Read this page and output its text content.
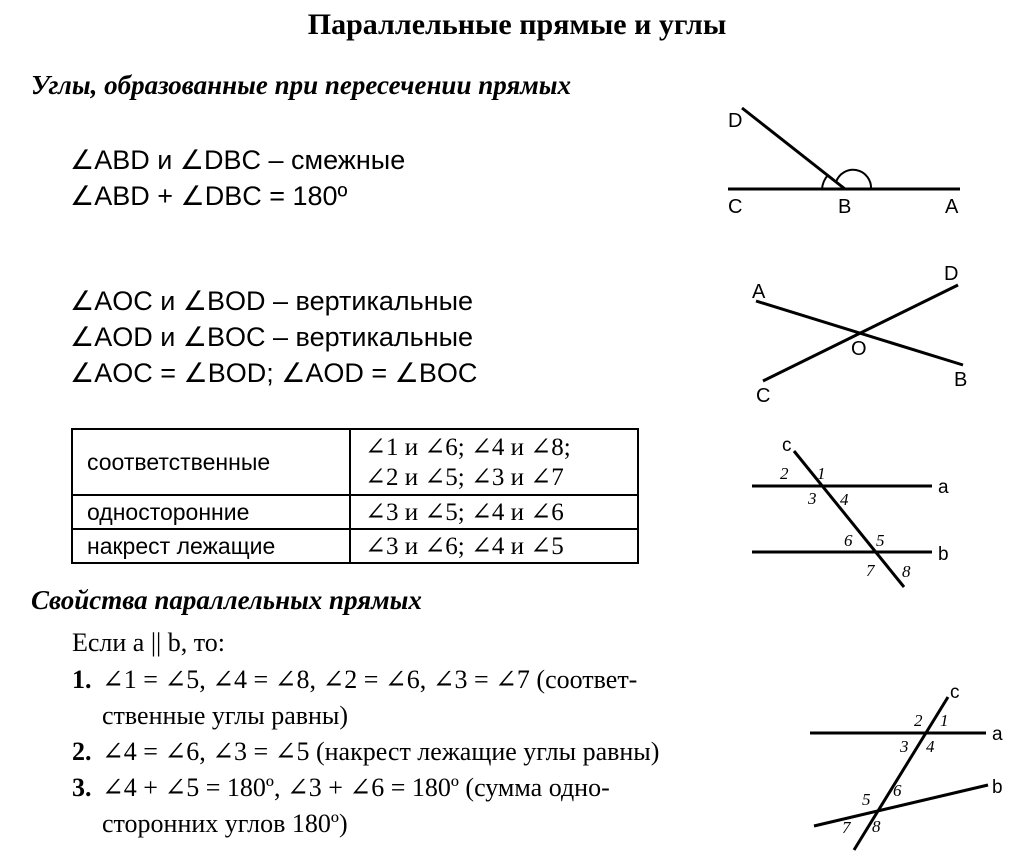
Параллельные прямые и углы
Углы, образованные при пересечении прямых
∠ABD и ∠DBC – смежные
∠ABD + ∠DBC = 180º
∠AOC и ∠BOD – вертикальные
∠AOD и ∠BOC – вертикальные
∠AOC = ∠BOD; ∠AOD = ∠BOC
соответственные	∠1 и ∠6; ∠4 и ∠8;
∠2 и ∠5; ∠3 и ∠7

односторонние	∠3 и ∠5; ∠4 и ∠6
накрест лежащие	∠3 и ∠6; ∠4 и ∠5
Свойства параллельных прямых
Если a || b, то:
1. ∠1 = ∠5, ∠4 = ∠8, ∠2 = ∠6, ∠3 = ∠7 (соответ-
ственные углы равны)
2. ∠4 = ∠6, ∠3 = ∠5 (накрест лежащие углы равны)
3. ∠4 + ∠5 = 180º, ∠3 + ∠6 = 180º (сумма одно-
сторонних углов 180º)
D
C	B	A
A
D
O
C
B
c
a
b
1
2
3 4
5
6
7 8
c
a
b
1
2
3 4
5 6
7 8
